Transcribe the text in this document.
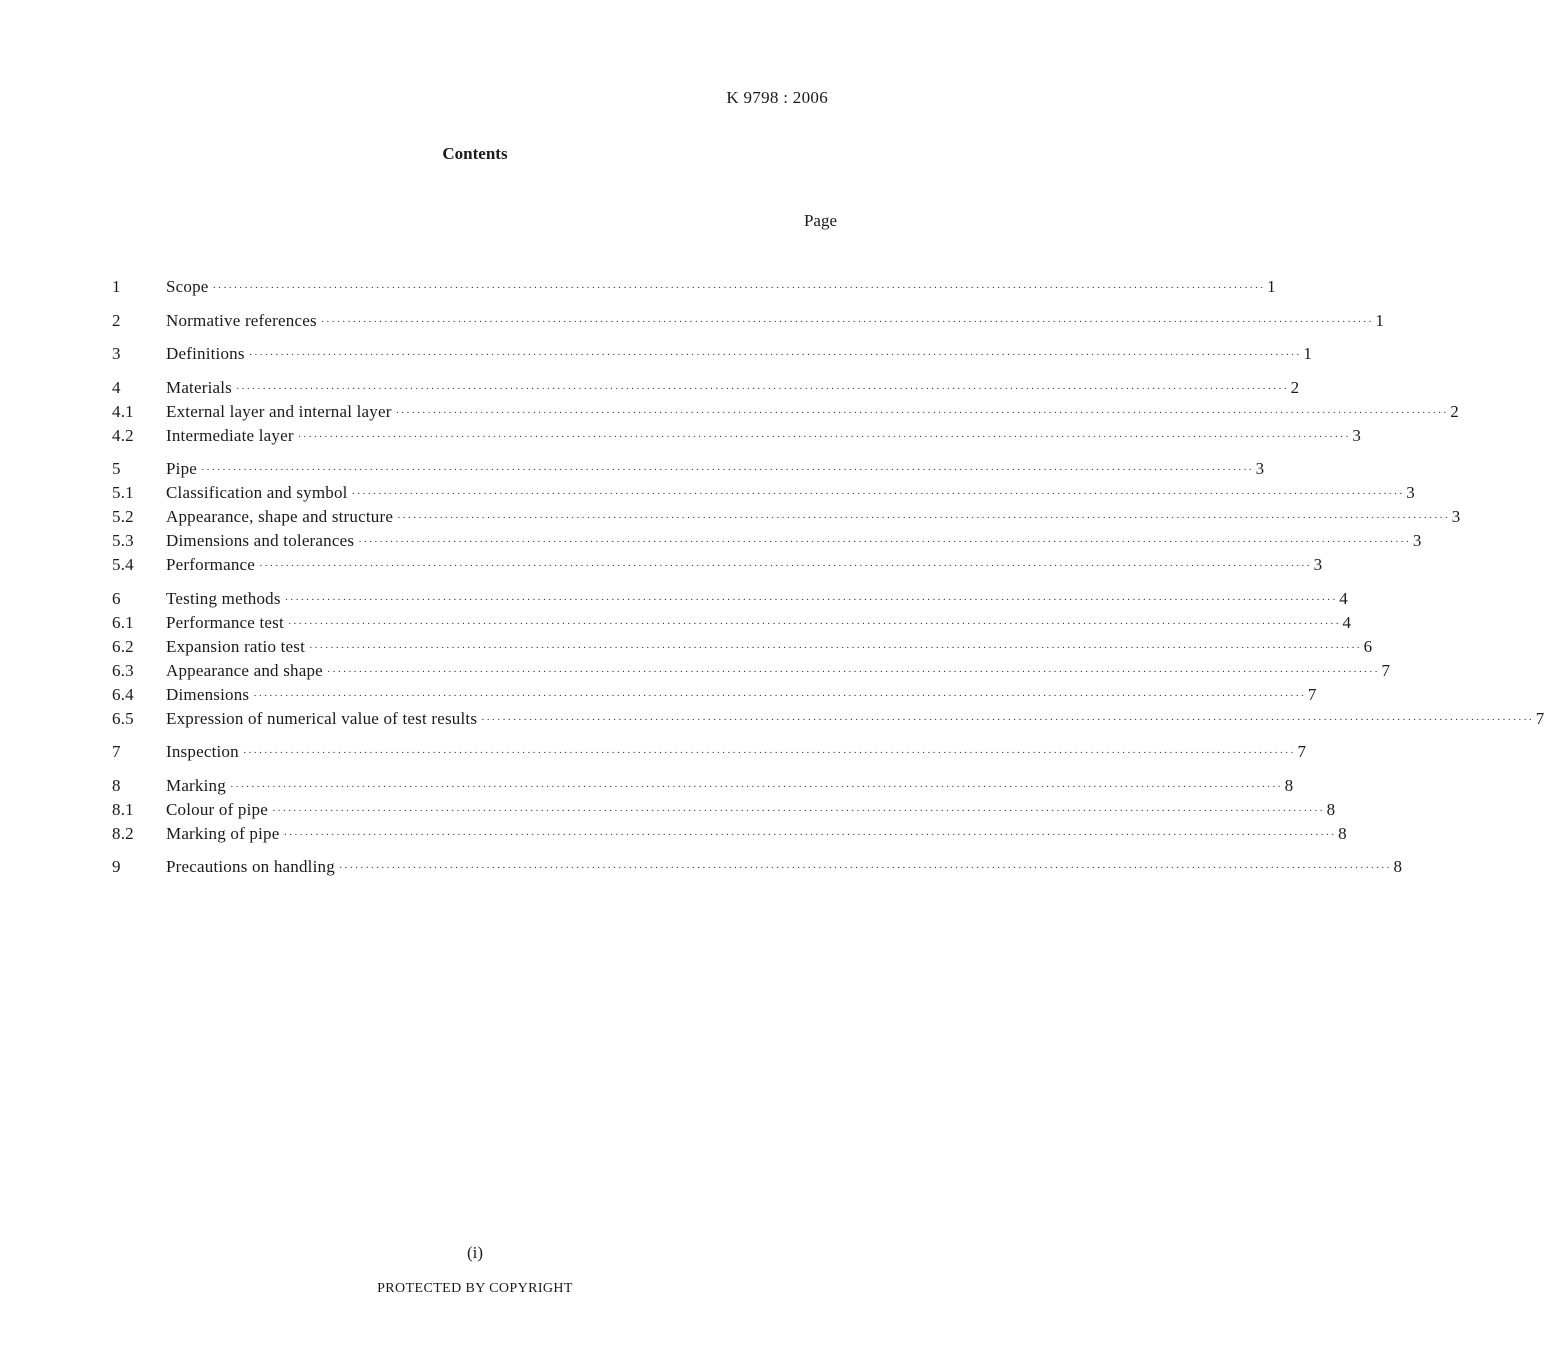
K 9798 : 2006
Contents
Page
1	Scope ········································································································································································································ 1
2	Normative references ········································································································································································································ 1
3	Definitions ········································································································································································································ 1
4	Materials ········································································································································································································ 2
4.1	External layer and internal layer ········································································································································································································ 2
4.2	Intermediate layer ········································································································································································································ 3
5	Pipe ········································································································································································································ 3
5.1	Classification and symbol ········································································································································································································ 3
5.2	Appearance, shape and structure ········································································································································································································ 3
5.3	Dimensions and tolerances ········································································································································································································ 3
5.4	Performance ········································································································································································································ 3
6	Testing methods ········································································································································································································ 4
6.1	Performance test ········································································································································································································ 4
6.2	Expansion ratio test ········································································································································································································ 6
6.3	Appearance and shape ········································································································································································································ 7
6.4	Dimensions ········································································································································································································ 7
6.5	Expression of numerical value of test results ········································································································································································································ 7
7	Inspection ········································································································································································································ 7
8	Marking ········································································································································································································ 8
8.1	Colour of pipe ········································································································································································································ 8
8.2	Marking of pipe ········································································································································································································ 8
9	Precautions on handling ········································································································································································································ 8
(i)
PROTECTED BY COPYRIGHT
